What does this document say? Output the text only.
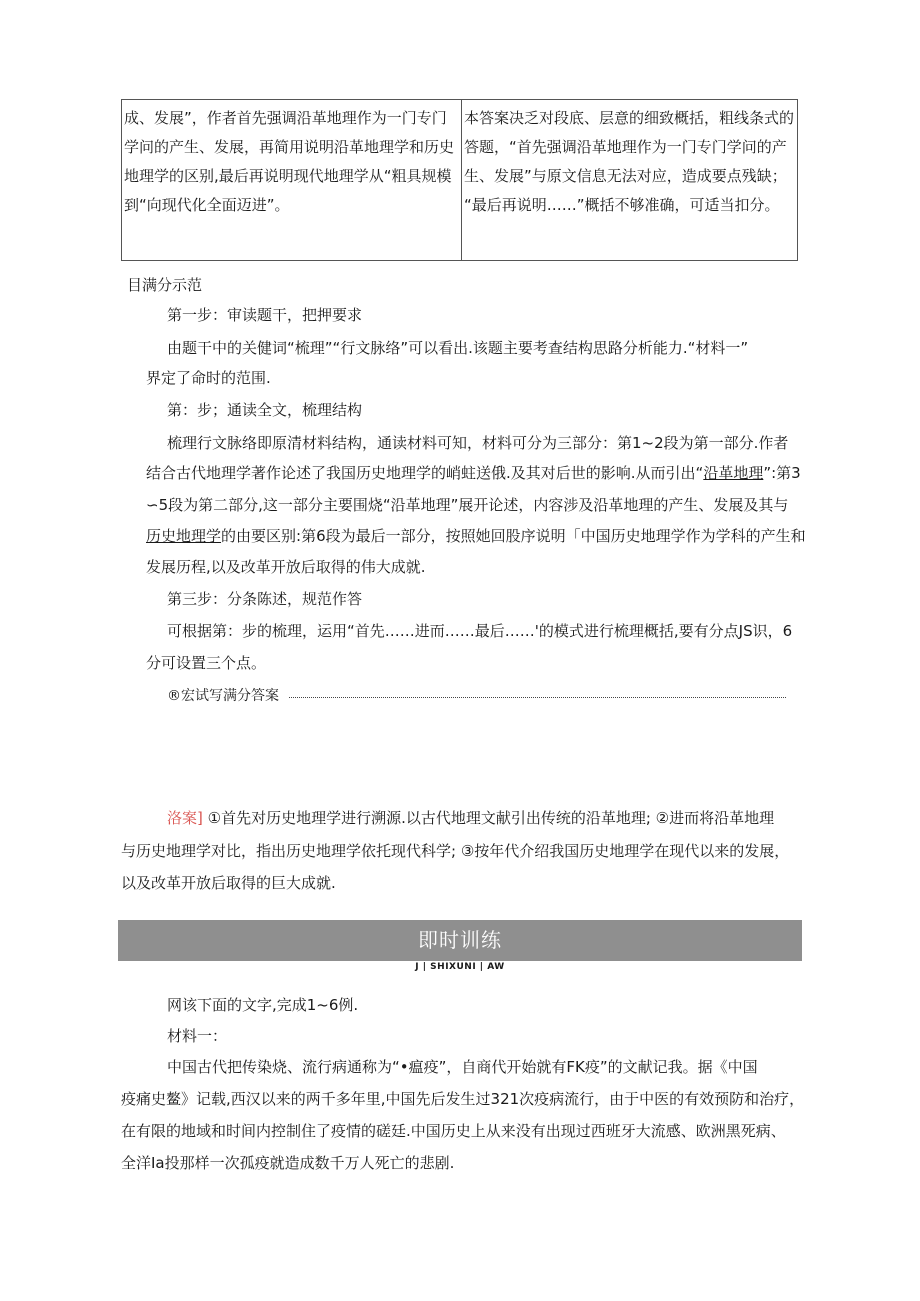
成、发展”，作者首先强调沿革地理作为一门专门
学问的产生、发展，再简用说明沿革地理学和历史
地理学的区别,最后再说明现代地理学从“粗具规模
到“向现代化全面迈进”。
本答案决乏对段底、层意的细致概括，粗线条式的
答题，“首先强调沿革地理作为一门专门学问的产
生、发展”与原文信息无法对应，造成要点残缺；
“最后再说明……”概括不够准确，可适当扣分。
目满分示范
第一步：审读题干，把押要求
由题干中的关健词“梳理”“行文脉络”可以看出.该题主要考查结构思路分析能力.“材料一”
界定了命时的范围.
第：步；通读全文，梳理结构
梳理行文脉络即原清材料结构，通读材料可知，材料可分为三部分：第1~2段为第一部分.作者
结合古代地理学著作论述了我国历史地理学的峭蛀送俄.及其对后世的影响.从而引出“沿革地理”:第3
∽5段为第二部分,这一部分主要围烧“沿革地理”展开论述，内容涉及沿革地理的产生、发展及其与
历史地理学的由要区别:第6段为最后一部分，按照她回股序说明「中国历史地理学作为学科的产生和
发展历程,以及改革开放后取得的伟大成就.
第三步：分条陈述，规范作答
可根据第：步的梳理，运用“首先……进而……最后……'的模式进行梳理概括,要有分点JS识，6
分可设置三个点。
®宏试写满分答案
洛案] ①首先对历史地理学进行溯源.以古代地理文献引出传统的沿革地理; ②进而将沿革地理
与历史地理学对比，指出历史地理学依托现代科学; ③按年代介绍我国历史地理学在现代以来的发展，
以及改革开放后取得的巨大成就.
即时训练
J | SHIXUNI | AW
网该下面的文字,完成1~6例.
材料一：
中国古代把传染烧、流行病通称为“•瘟疫”，自商代开始就有FK疫”的文献记我。据《中国
疫痛史鳌》记载,西汉以来的两千多年里,中国先后发生过321次疫病流行，由于中医的有效预防和治疗，
在有限的地域和时间内控制住了疫情的磋廷.中国历史上从来没有出现过西班牙大流感、欧洲黑死病、
全洋Ia投那样一次孤疫就造成数千万人死亡的悲剧.
